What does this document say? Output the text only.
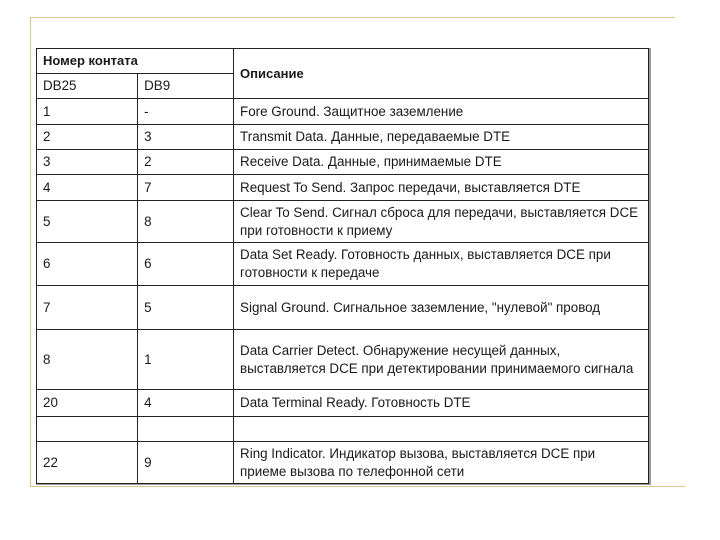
Номер контата		Описание
DB25	DB9	
1	-	Fore Ground. Защитное заземление
2	3	Transmit Data. Данные, передаваемые DTE
3	2	Receive Data. Данные, принимаемые DTE
4	7	Request To Send. Запрос передачи, выставляется DTE
5	8	Clear To Send. Сигнал сброса для передачи, выставляется DCE при готовности к приему
6	6	Data Set Ready. Готовность данных, выставляется DCE при готовности к передаче
7	5	Signal Ground. Сигнальное заземление, "нулевой" провод
8	1	Data Carrier Detect. Обнаружение несущей данных, выставляется DCE при детектировании принимаемого сигнала
20	4	Data Terminal Ready. Готовность DTE

22	9	Ring Indicator. Индикатор вызова, выставляется DCE при приеме вызова по телефонной сети
